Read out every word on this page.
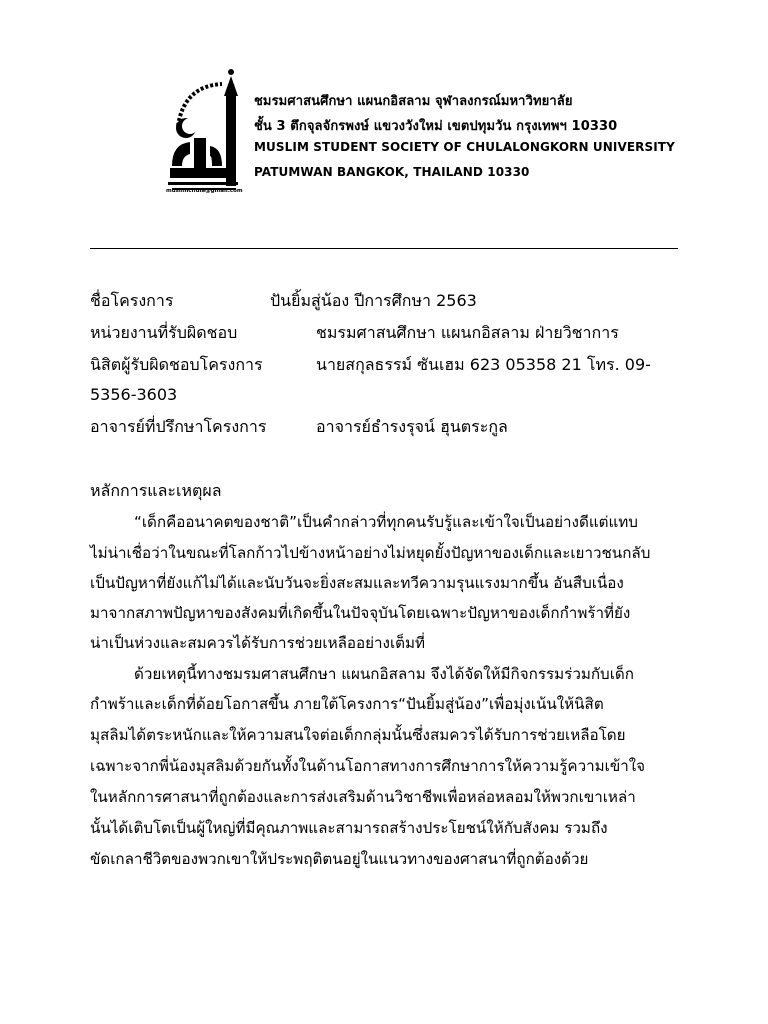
muslimchula@gmail.com
ชมรมศาสนศึกษา แผนกอิสลาม จุฬาลงกรณ์มหาวิทยาลัย
ชั้น 3 ตึกจุลจักรพงษ์ แขวงวังใหม่ เขตปทุมวัน กรุงเทพฯ 10330
MUSLIM STUDENT SOCIETY OF CHULALONGKORN UNIVERSITY
PATUMWAN BANGKOK, THAILAND 10330
ชื่อโครงการ	ปันยิ้มสู่น้อง ปีการศึกษา 2563
หน่วยงานที่รับผิดชอบ	ชมรมศาสนศึกษา แผนกอิสลาม ฝ่ายวิชาการ
นิสิตผู้รับผิดชอบโครงการ	นายสกุลธรรม์ ซันเฮม 623 05358 21 โทร. 09-
5356-3603
อาจารย์ที่ปรึกษาโครงการ	อาจารย์ธำรงรุจน์ ฮุนตระกูล
หลักการและเหตุผล
“เด็กคืออนาคตของชาติ”เป็นคำกล่าวที่ทุกคนรับรู้และเข้าใจเป็นอย่างดีแต่แทบ
ไม่น่าเชื่อว่าในขณะที่โลกก้าวไปข้างหน้าอย่างไม่หยุดยั้งปัญหาของเด็กและเยาวชนกลับ
เป็นปัญหาที่ยังแก้ไม่ได้และนับวันจะยิ่งสะสมและทวีความรุนแรงมากขึ้น อันสืบเนื่อง
มาจากสภาพปัญหาของสังคมที่เกิดขึ้นในปัจจุบันโดยเฉพาะปัญหาของเด็กกำพร้าที่ยัง
น่าเป็นห่วงและสมควรได้รับการช่วยเหลืออย่างเต็มที่
ด้วยเหตุนี้ทางชมรมศาสนศึกษา แผนกอิสลาม จึงได้จัดให้มีกิจกรรมร่วมกับเด็ก
กำพร้าและเด็กที่ด้อยโอกาสขึ้น ภายใต้โครงการ“ปันยิ้มสู่น้อง”เพื่อมุ่งเน้นให้นิสิต
มุสลิมได้ตระหนักและให้ความสนใจต่อเด็กกลุ่มนั้นซึ่งสมควรได้รับการช่วยเหลือโดย
เฉพาะจากพี่น้องมุสลิมด้วยกันทั้งในด้านโอกาสทางการศึกษาการให้ความรู้ความเข้าใจ
ในหลักการศาสนาที่ถูกต้องและการส่งเสริมด้านวิชาชีพเพื่อหล่อหลอมให้พวกเขาเหล่า
นั้นได้เติบโตเป็นผู้ใหญ่ที่มีคุณภาพและสามารถสร้างประโยชน์ให้กับสังคม รวมถึง
ขัดเกลาชีวิตของพวกเขาให้ประพฤติตนอยู่ในแนวทางของศาสนาที่ถูกต้องด้วย
